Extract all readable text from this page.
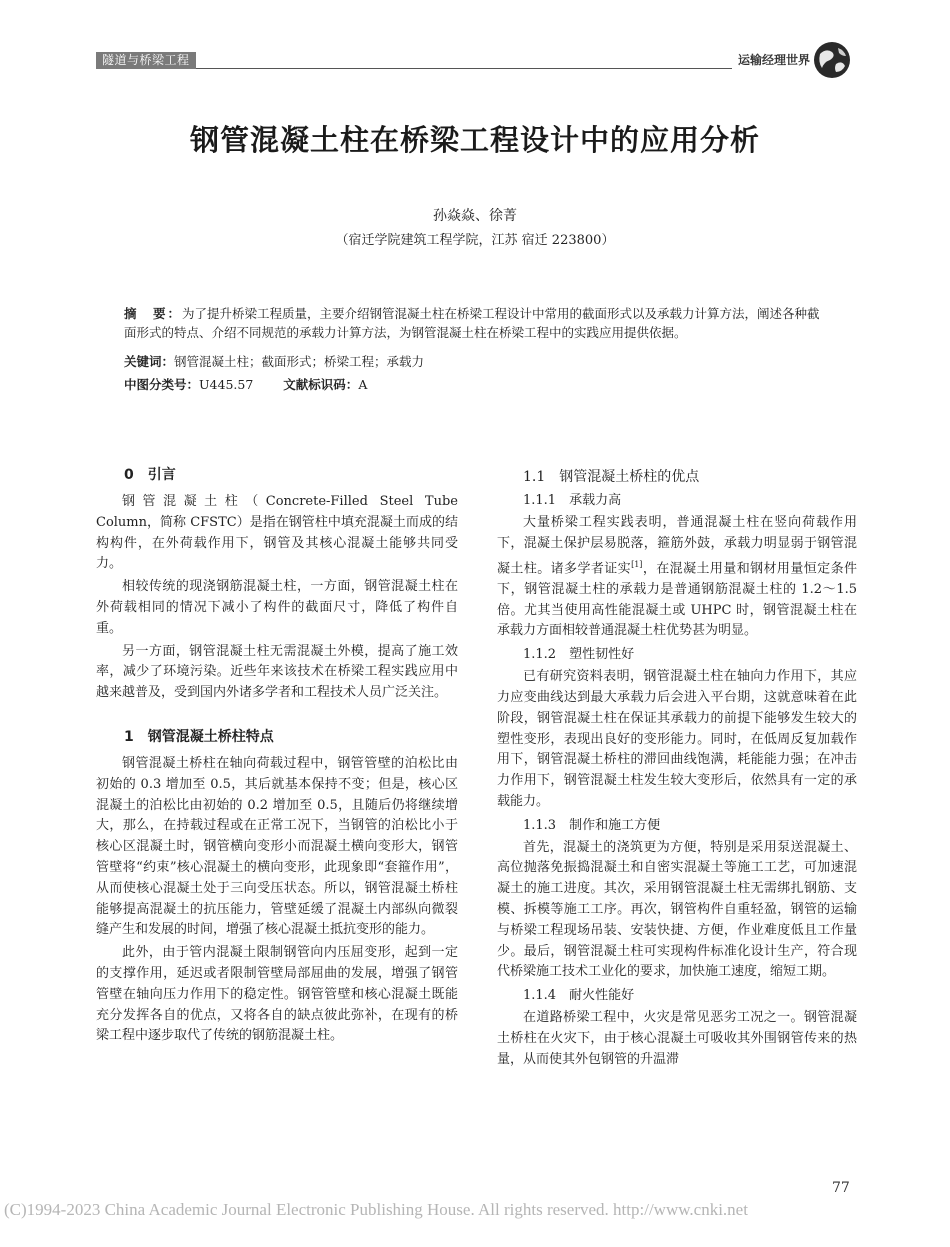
隧道与桥梁工程	运输经理世界
钢管混凝土柱在桥梁工程设计中的应用分析
孙焱焱、徐菁
（宿迁学院建筑工程学院，江苏 宿迁 223800）
摘　要：为了提升桥梁工程质量，主要介绍钢管混凝土柱在桥梁工程设计中常用的截面形式以及承载力计算方法，阐述各种截面形式的特点、介绍不同规范的承载力计算方法，为钢管混凝土柱在桥梁工程中的实践应用提供依据。
关键词：钢管混凝土柱；截面形式；桥梁工程；承载力
中图分类号：U445.57 文献标识码：A
0　引言

钢管混凝土柱（Concrete-Filled Steel Tube Column，简称 CFSTC）是指在钢管柱中填充混凝土而成的结构构件，在外荷载作用下，钢管及其核心混凝土能够共同受力。

相较传统的现浇钢筋混凝土柱，一方面，钢管混凝土柱在外荷载相同的情况下减小了构件的截面尺寸，降低了构件自重。

另一方面，钢管混凝土柱无需混凝土外模，提高了施工效率，减少了环境污染。近些年来该技术在桥梁工程实践应用中越来越普及，受到国内外诸多学者和工程技术人员广泛关注。

1　钢管混凝土桥柱特点

钢管混凝土桥柱在轴向荷载过程中，钢管管壁的泊松比由初始的 0.3 增加至 0.5，其后就基本保持不变；但是，核心区混凝土的泊松比由初始的 0.2 增加至 0.5，且随后仍将继续增大，那么，在持载过程或在正常工况下，当钢管的泊松比小于核心区混凝土时，钢管横向变形小而混凝土横向变形大，钢管管壁将“约束”核心混凝土的横向变形，此现象即“套箍作用”，从而使核心混凝土处于三向受压状态。所以，钢管混凝土桥柱能够提高混凝土的抗压能力，管壁延缓了混凝土内部纵向微裂缝产生和发展的时间，增强了核心混凝土抵抗变形的能力。

此外，由于管内混凝土限制钢管向内压屈变形，起到一定的支撑作用，延迟或者限制管壁局部屈曲的发展，增强了钢管管壁在轴向压力作用下的稳定性。钢管管壁和核心混凝土既能充分发挥各自的优点，又将各自的缺点彼此弥补，在现有的桥梁工程中逐步取代了传统的钢筋混凝土柱。

1.1　钢管混凝土桥柱的优点
1.1.1　承载力高

大量桥梁工程实践表明，普通混凝土柱在竖向荷载作用下，混凝土保护层易脱落，箍筋外鼓，承载力明显弱于钢管混凝土柱。诸多学者证实[1]，在混凝土用量和钢材用量恒定条件下，钢管混凝土柱的承载力是普通钢筋混凝土柱的 1.2～1.5 倍。尤其当使用高性能混凝土或 UHPC 时，钢管混凝土柱在承载力方面相较普通混凝土柱优势甚为明显。

1.1.2　塑性韧性好

已有研究资料表明，钢管混凝土柱在轴向力作用下，其应力应变曲线达到最大承载力后会进入平台期，这就意味着在此阶段，钢管混凝土柱在保证其承载力的前提下能够发生较大的塑性变形，表现出良好的变形能力。同时，在低周反复加载作用下，钢管混凝土桥柱的滞回曲线饱满，耗能能力强；在冲击力作用下，钢管混凝土柱发生较大变形后，依然具有一定的承载能力。

1.1.3　制作和施工方便

首先，混凝土的浇筑更为方便，特别是采用泵送混凝土、高位抛落免振捣混凝土和自密实混凝土等施工工艺，可加速混凝土的施工进度。其次，采用钢管混凝土柱无需绑扎钢筋、支模、拆模等施工工序。再次，钢管构件自重轻盈，钢管的运输与桥梁工程现场吊装、安装快捷、方便，作业难度低且工作量少。最后，钢管混凝土柱可实现构件标准化设计生产，符合现代桥梁施工技术工业化的要求，加快施工速度，缩短工期。

1.1.4　耐火性能好

在道路桥梁工程中，火灾是常见恶劣工况之一。钢管混凝土桥柱在火灾下，由于核心混凝土可吸收其外围钢管传来的热量，从而使其外包钢管的升温滞

77
(C)1994-2023 China Academic Journal Electronic Publishing House. All rights reserved. http://www.cnki.net
